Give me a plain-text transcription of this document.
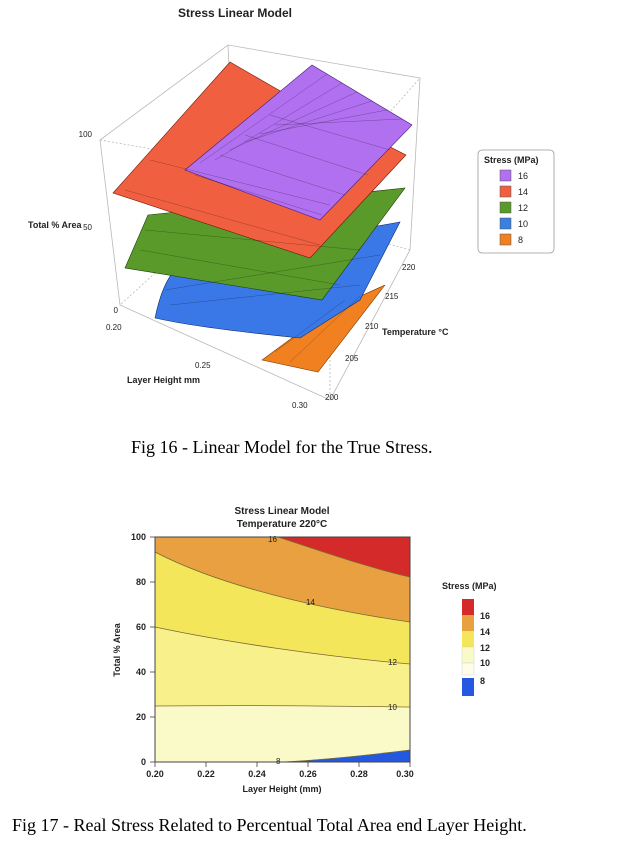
Stress Linear Model
100
50
0
Total % Area
0.20
0.25
0.30
Layer Height mm
220
215
210
205
200
Temperature °C
Stress (MPa)
16
14
12
10
8
Fig 16 - Linear Model for the True Stress.
Stress Linear Model
Temperature 220°C
16
14
12
10
8
0
20
40
60
80
100
Total % Area
0.20	0.22	0.24	0.26	0.28	0.30
Layer Height (mm)
Stress (MPa)
16
14
12
10
8
Fig 17 - Real Stress Related to Percentual Total Area end Layer Height.
